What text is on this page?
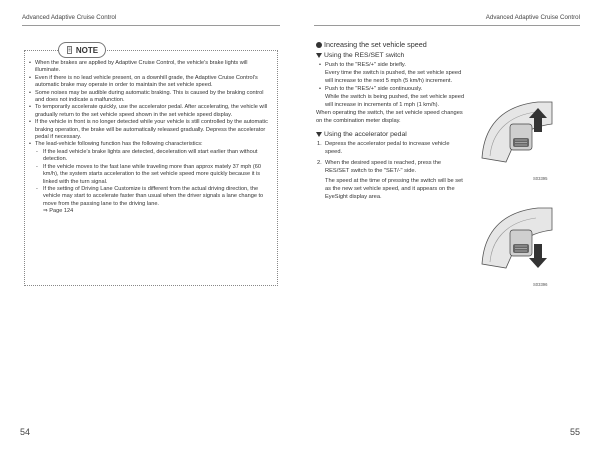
Advanced Adaptive Cruise Control	Advanced Adaptive Cruise Control
NOTE
• When the brakes are applied by Adaptive Cruise Control, the vehicle's brake lights will illuminate.
• Even if there is no lead vehicle present, on a downhill grade, the Adaptive Cruise Control's automatic brake may operate in order to maintain the set vehicle speed.
• Some noises may be audible during automatic braking. This is caused by the braking control and does not indicate a malfunction.
• To temporarily accelerate quickly, use the accelerator pedal. After accelerating, the vehicle will gradually return to the set vehicle speed shown in the set vehicle speed display.
• If the vehicle in front is no longer detected while your vehicle is still controlled by the automatic braking operation, the brake will be automatically released gradually. Depress the accelerator pedal if necessary.
• The lead-vehicle following function has the following characteristics:
- If the lead vehicle's brake lights are detected, deceleration will start earlier than without detection.
- If the vehicle moves to the fast lane while traveling more than approx mately 37 mph (60 km/h), the system starts acceleration to the set vehicle speed more quickly because it is linked with the turn signal.
- If the setting of Driving Lane Customize is different from the actual driving direction, the vehicle may start to accelerate faster than usual when the driver signals a lane change to move from the passing lane to the driving lane.
⇒ Page 124
Increasing the set vehicle speed
Using the RES/SET switch
• Push to the "RES/+" side briefly.
Every time the switch is pushed, the set vehicle speed will increase to the next 5 mph (5 km/h) increment.
• Push to the "RES/+" side continuously.
While the switch is being pushed, the set vehicle speed will increase in increments of 1 mph (1 km/h).
When operating the switch, the set vehicle speed changes on the combination meter display.
Using the accelerator pedal
1. Depress the accelerator pedal to increase vehicle speed.
2. When the desired speed is reached, press the RES/SET switch to the "SET/-" side.
The speed at the time of pressing the switch will be set as the new set vehicle speed, and it appears on the EyeSight display area.
S03395
S03396
54	55
